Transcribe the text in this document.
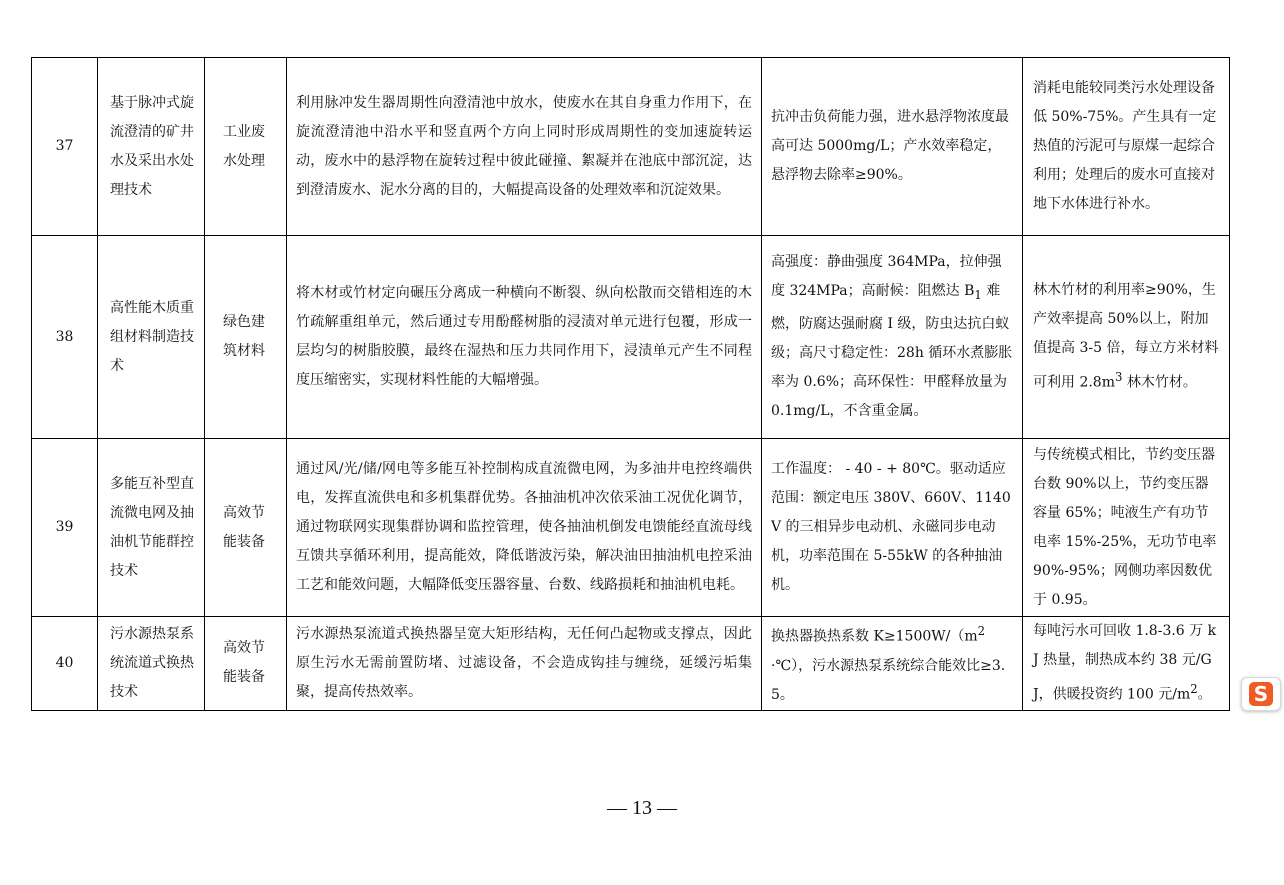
37	基于脉冲式旋流澄清的矿井水及采出水处理技术	工业废水处理	利用脉冲发生器周期性向澄清池中放水，使废水在其自身重力作用下，在旋流澄清池中沿水平和竖直两个方向上同时形成周期性的变加速旋转运动，废水中的悬浮物在旋转过程中彼此碰撞、絮凝并在池底中部沉淀，达到澄清废水、泥水分离的目的，大幅提高设备的处理效率和沉淀效果。	抗冲击负荷能力强，进水悬浮物浓度最高可达 5000mg/L；产水效率稳定，悬浮物去除率≥90%。	消耗电能较同类污水处理设备低 50%-75%。产生具有一定热值的污泥可与原煤一起综合利用；处理后的废水可直接对地下水体进行补水。
38	高性能木质重组材料制造技术	绿色建筑材料	将木材或竹材定向碾压分离成一种横向不断裂、纵向松散而交错相连的木竹疏解重组单元，然后通过专用酚醛树脂的浸渍对单元进行包覆，形成一层均匀的树脂胶膜，最终在湿热和压力共同作用下，浸渍单元产生不同程度压缩密实，实现材料性能的大幅增强。	高强度：静曲强度 364MPa，拉伸强度 324MPa；高耐候：阻燃达 $B_1$ 难燃，防腐达强耐腐 I 级，防虫达抗白蚁级；高尺寸稳定性：28h 循环水煮膨胀率为 0.6%；高环保性：甲醛释放量为 0.1mg/L，不含重金属。	林木竹材的利用率≥90%，生产效率提高 50%以上，附加值提高 3-5 倍，每立方米材料可利用 $2.8m^3$ 林木竹材。
39	多能互补型直流微电网及抽油机节能群控技术	高效节能装备	通过风/光/储/网电等多能互补控制构成直流微电网，为多油井电控终端供电，发挥直流供电和多机集群优势。各抽油机冲次依采油工况优化调节，通过物联网实现集群协调和监控管理，使各抽油机倒发电馈能经直流母线互馈共享循环利用，提高能效，降低谐波污染，解决油田抽油机电控采油工艺和能效问题，大幅降低变压器容量、台数、线路损耗和抽油机电耗。	工作温度： - 40 - + 80℃。驱动适应范围：额定电压 380V、660V、1140V 的三相异步电动机、永磁同步电动机，功率范围在 5-55kW 的各种抽油机。	与传统模式相比，节约变压器台数 90%以上，节约变压器容量 65%；吨液生产有功节电率 15%-25%，无功节电率 90%-95%；网侧功率因数优于 0.95。
40	污水源热泵系统流道式换热技术	高效节能装备	污水源热泵流道式换热器呈宽大矩形结构，无任何凸起物或支撑点，因此原生污水无需前置防堵、过滤设备，不会造成钩挂与缠绕，延缓污垢集聚，提高传热效率。	换热器换热系数 $K\ge 1500W/(m^2\cdot℃)$，污水源热泵系统综合能效比≥3.5。	每吨污水可回收 1.8-3.6 万 kJ 热量，制热成本约 38 元/GJ，供暖投资约 100 元$/m^2$。
— 13 —
S
